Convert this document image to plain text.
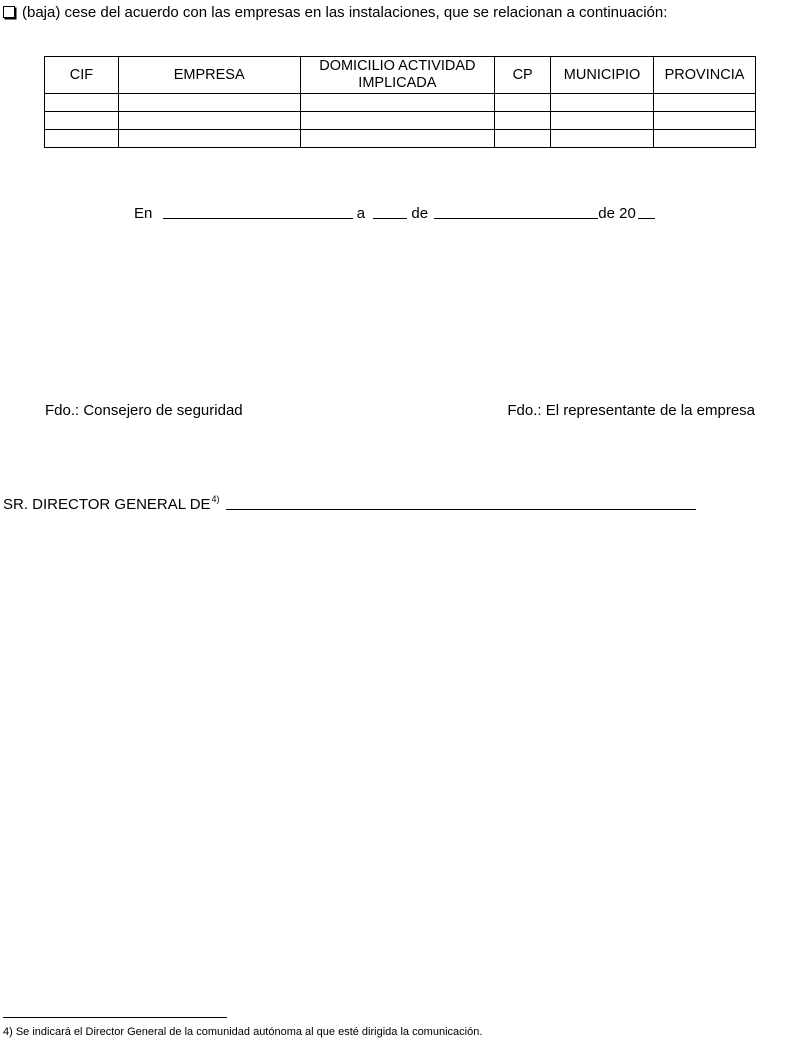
(baja) cese del acuerdo con las empresas en las instalaciones, que se relacionan a continuación:
CIF	EMPRESA	DOMICILIO ACTIVIDAD IMPLICADA	CP	MUNICIPIO	PROVINCIA

En	a	de	de 20
Fdo.: Consejero de seguridad	Fdo.: El representante de la empresa
SR. DIRECTOR GENERAL DE$^{4)}$
4) Se indicará el Director General de la comunidad autónoma al que esté dirigida la comunicación.
